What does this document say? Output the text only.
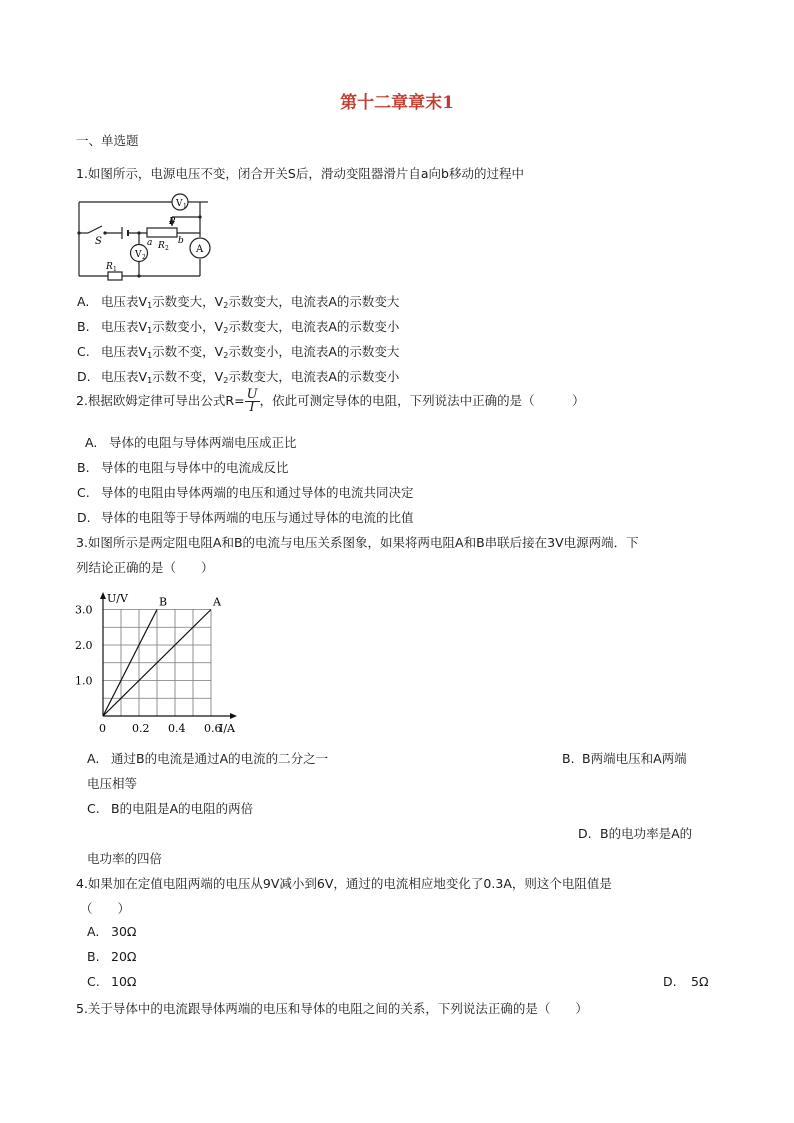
第十二章章末1
一、单选题
1.如图所示，电源电压不变，闭合开关S后，滑动变阻器滑片自a向b移动的过程中
V 1
V 2
A
S
P
a	b
R 2
R 1
A. 电压表$V_1$示数变大，$V_2$示数变大，电流表A的示数变大
B. 电压表$V_1$示数变小，$V_2$示数变大，电流表A的示数变小
C. 电压表$V_1$示数不变，$V_2$示数变小，电流表A的示数变大
D. 电压表$V_1$示数不变，$V_2$示数变大，电流表A的示数变小
2.根据欧姆定律可导出公式$R= \frac{U}{I}$ ，依此可测定导体的电阻，下列说法中正确的是（　　　）
A. 导体的电阻与导体两端电压成正比
B. 导体的电阻与导体中的电流成反比
C. 导体的电阻由导体两端的电压和通过导体的电流共同决定
D. 导体的电阻等于导体两端的电压与通过导体的电流的比值
3.如图所示是两定阻电阻A和B的电流与电压关系图象，如果将两电阻A和B串联后接在3V电源两端．下
列结论正确的是（　　）
0 0.2 0.4 0.6
1.0
2.0
3.0
U/V
I/A
A
B
A. 通过B的电流是通过A的电流的二分之一	B. B两端电压和A两端
电压相等
C. B的电阻是A的电阻的两倍
D. B的电功率是A的
电功率的四倍
4.如果加在定值电阻两端的电压从9V减小到6V，通过的电流相应地变化了0.3A，则这个电阻值是
（　　）
A. 30Ω
B. 20Ω
C. 10Ω	D. 5Ω
5.关于导体中的电流跟导体两端的电压和导体的电阻之间的关系，下列说法正确的是（　　）
